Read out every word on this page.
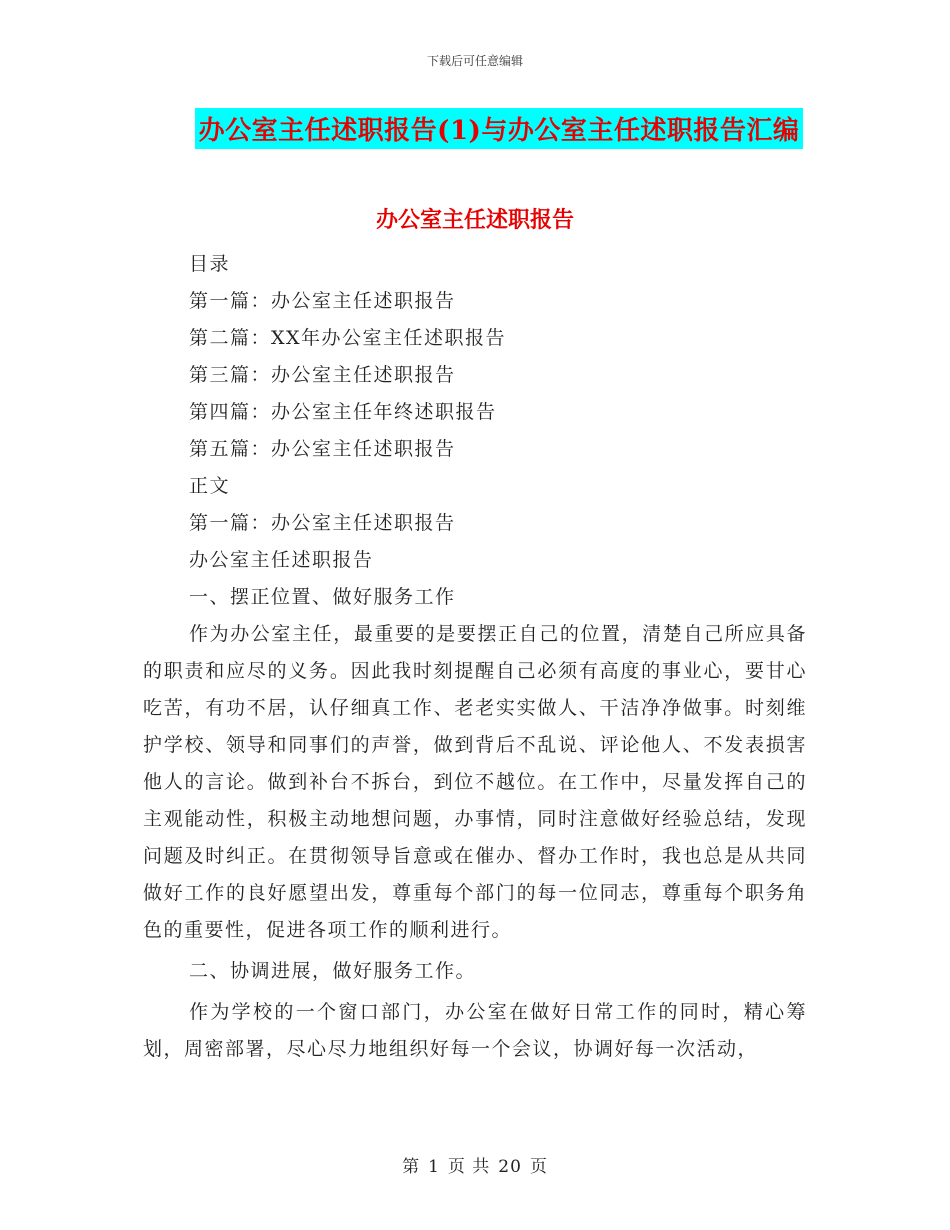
下载后可任意编辑
办公室主任述职报告(1)与办公室主任述职报告汇编
办公室主任述职报告
目录
第一篇：办公室主任述职报告
第二篇：XX年办公室主任述职报告
第三篇：办公室主任述职报告
第四篇：办公室主任年终述职报告
第五篇：办公室主任述职报告
正文
第一篇：办公室主任述职报告
办公室主任述职报告
一、摆正位置、做好服务工作

作为办公室主任，最重要的是要摆正自己的位置，清楚自己所应具备的职责和应尽的义务。因此我时刻提醒自己必须有高度的事业心，要甘心吃苦，有功不居，认仔细真工作、老老实实做人、干洁净净做事。时刻维护学校、领导和同事们的声誉，做到背后不乱说、评论他人、不发表损害他人的言论。做到补台不拆台，到位不越位。在工作中，尽量发挥自己的主观能动性，积极主动地想问题，办事情，同时注意做好经验总结，发现问题及时纠正。在贯彻领导旨意或在催办、督办工作时，我也总是从共同做好工作的良好愿望出发，尊重每个部门的每一位同志，尊重每个职务角色的重要性，促进各项工作的顺利进行。

二、协调进展，做好服务工作。

作为学校的一个窗口部门，办公室在做好日常工作的同时，精心筹划，周密部署，尽心尽力地组织好每一个会议，协调好每一次活动，

第 1 页 共 20 页
